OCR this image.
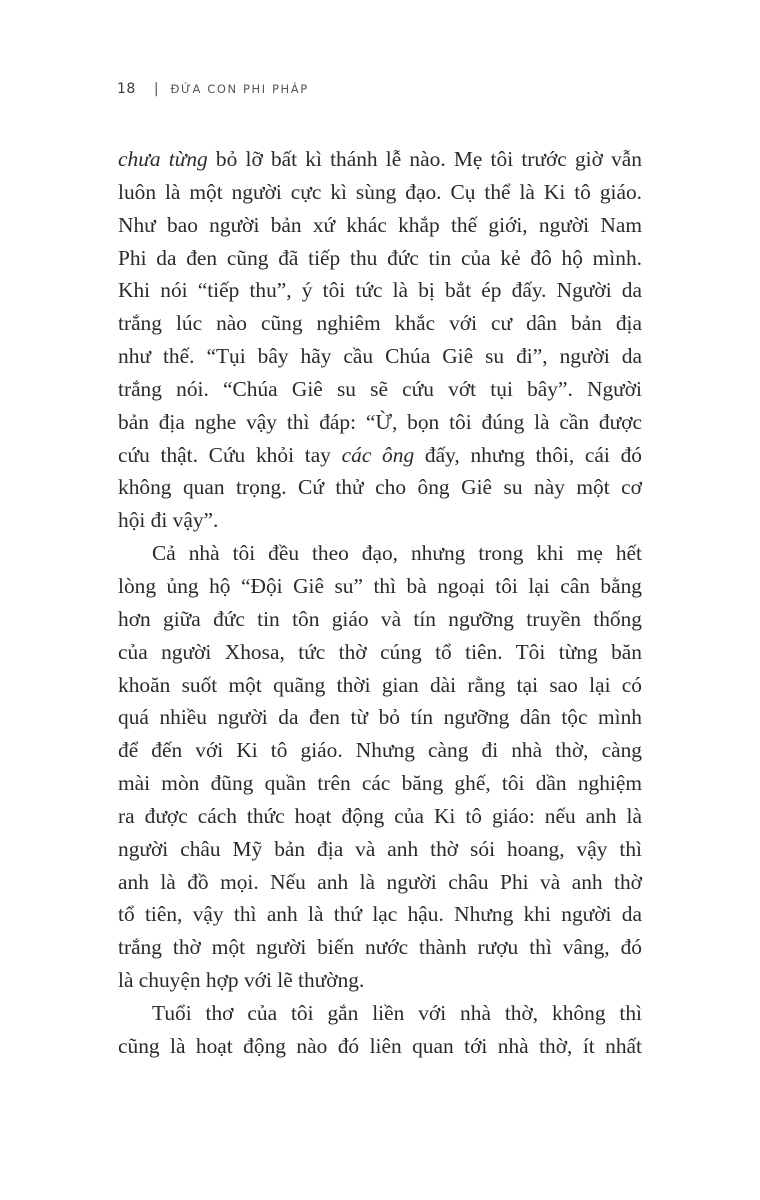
18 | ĐỨA CON PHI PHÁP
chưa từng bỏ lỡ bất kì thánh lễ nào. Mẹ tôi trước giờ vẫn
luôn là một người cực kì sùng đạo. Cụ thể là Ki tô giáo.
Như bao người bản xứ khác khắp thế giới, người Nam
Phi da đen cũng đã tiếp thu đức tin của kẻ đô hộ mình.
Khi nói “tiếp thu”, ý tôi tức là bị bắt ép đấy. Người da
trắng lúc nào cũng nghiêm khắc với cư dân bản địa
như thế. “Tụi bây hãy cầu Chúa Giê su đi”, người da
trắng nói. “Chúa Giê su sẽ cứu vớt tụi bây”. Người
bản địa nghe vậy thì đáp: “Ừ, bọn tôi đúng là cần được
cứu thật. Cứu khỏi tay các ông đấy, nhưng thôi, cái đó
không quan trọng. Cứ thử cho ông Giê su này một cơ
hội đi vậy”.
Cả nhà tôi đều theo đạo, nhưng trong khi mẹ hết
lòng ủng hộ “Đội Giê su” thì bà ngoại tôi lại cân bằng
hơn giữa đức tin tôn giáo và tín ngưỡng truyền thống
của người Xhosa, tức thờ cúng tổ tiên. Tôi từng băn
khoăn suốt một quãng thời gian dài rằng tại sao lại có
quá nhiều người da đen từ bỏ tín ngưỡng dân tộc mình
để đến với Ki tô giáo. Nhưng càng đi nhà thờ, càng
mài mòn đũng quần trên các băng ghế, tôi dần nghiệm
ra được cách thức hoạt động của Ki tô giáo: nếu anh là
người châu Mỹ bản địa và anh thờ sói hoang, vậy thì
anh là đồ mọi. Nếu anh là người châu Phi và anh thờ
tổ tiên, vậy thì anh là thứ lạc hậu. Nhưng khi người da
trắng thờ một người biến nước thành rượu thì vâng, đó
là chuyện hợp với lẽ thường.
Tuổi thơ của tôi gắn liền với nhà thờ, không thì
cũng là hoạt động nào đó liên quan tới nhà thờ, ít nhất
